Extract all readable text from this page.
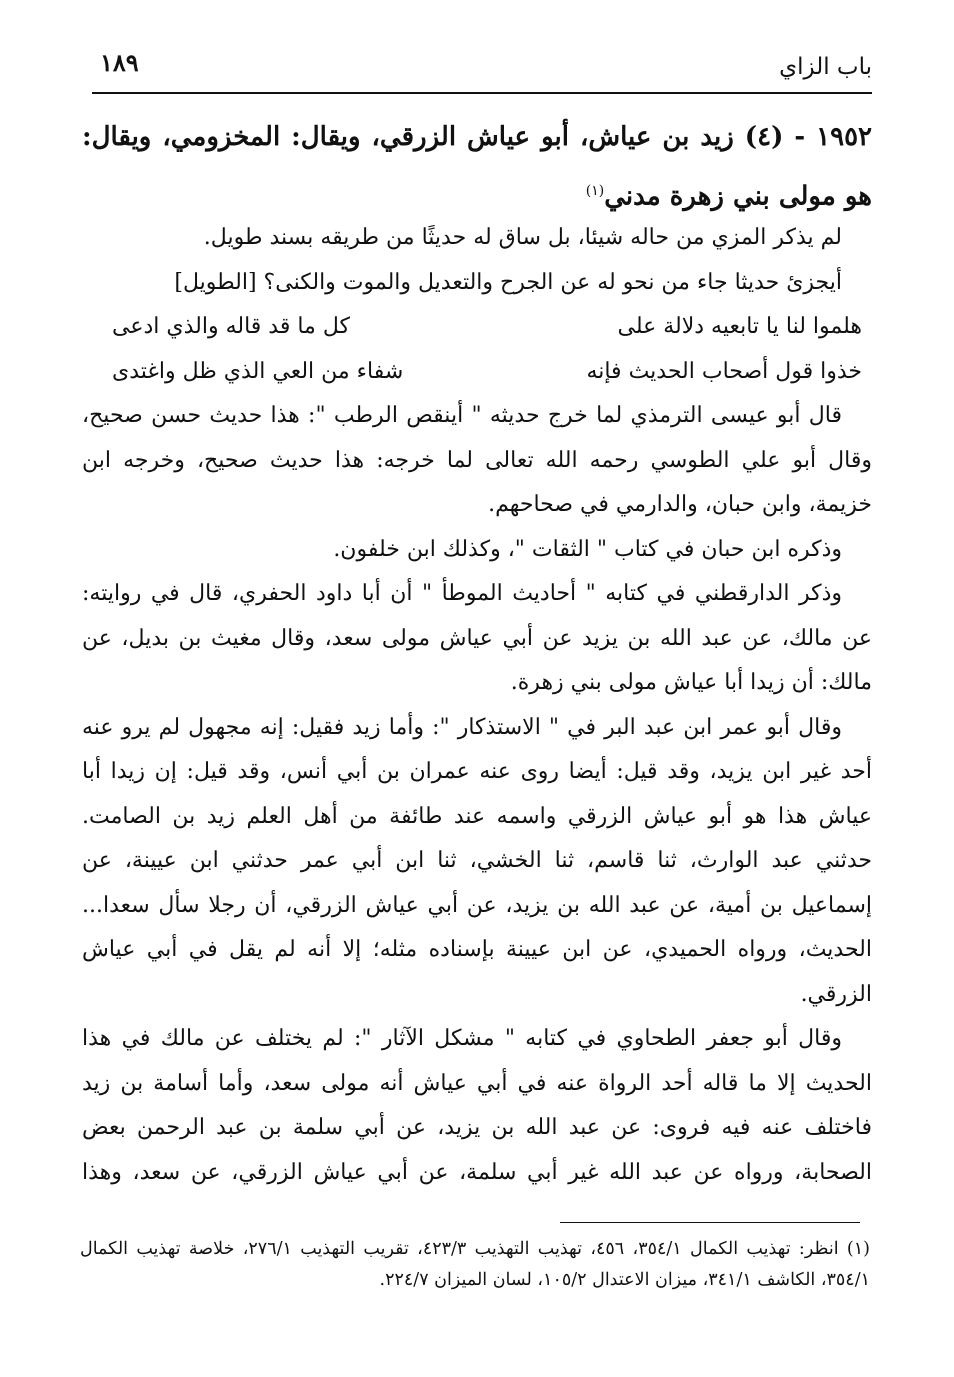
باب الزاي
١٨٩
١٩٥٢ - (٤) زيد بن عياش، أبو عياش الزرقي، ويقال: المخزومي، ويقال: هو مولى بني زهرة مدني$^{(١)}$

لم يذكر المزي من حاله شيئا، بل ساق له حديثًا من طريقه بسند طويل.

أيجزئ حديثا جاء من نحو له عن الجرح والتعديل والموت والكنى؟ [الطويل]

هلموا لنا يا تابعيه دلالة على
كل ما قد قاله والذي ادعى
خذوا قول أصحاب الحديث فإنه
شفاء من العي الذي ظل واغتدى

قال أبو عيسى الترمذي لما خرج حديثه " أينقص الرطب ": هذا حديث حسن صحيح، وقال أبو علي الطوسي رحمه الله تعالى لما خرجه: هذا حديث صحيح، وخرجه ابن خزيمة، وابن حبان، والدارمي في صحاحهم.

وذكره ابن حبان في كتاب " الثقات "، وكذلك ابن خلفون.

وذكر الدارقطني في كتابه " أحاديث الموطأ " أن أبا داود الحفري، قال في روايته: عن مالك، عن عبد الله بن يزيد عن أبي عياش مولى سعد، وقال مغيث بن بديل، عن مالك: أن زيدا أبا عياش مولى بني زهرة.

وقال أبو عمر ابن عبد البر في " الاستذكار ": وأما زيد فقيل: إنه مجهول لم يرو عنه أحد غير ابن يزيد، وقد قيل: أيضا روى عنه عمران بن أبي أنس، وقد قيل: إن زيدا أبا عياش هذا هو أبو عياش الزرقي واسمه عند طائفة من أهل العلم زيد بن الصامت. حدثني عبد الوارث، ثنا قاسم، ثنا الخشي، ثنا ابن أبي عمر حدثني ابن عيينة، عن إسماعيل بن أمية، عن عبد الله بن يزيد، عن أبي عياش الزرقي، أن رجلا سأل سعدا... الحديث، ورواه الحميدي، عن ابن عيينة بإسناده مثله؛ إلا أنه لم يقل في أبي عياش الزرقي.

وقال أبو جعفر الطحاوي في كتابه " مشكل الآثار ": لم يختلف عن مالك في هذا الحديث إلا ما قاله أحد الرواة عنه في أبي عياش أنه مولى سعد، وأما أسامة بن زيد فاختلف عنه فيه فروى: عن عبد الله بن يزيد، عن أبي سلمة بن عبد الرحمن بعض الصحابة، ورواه عن عبد الله غير أبي سلمة، عن أبي عياش الزرقي، عن سعد، وهذا

(١) انظر: تهذيب الكمال ٣٥٤/١، ٤٥٦، تهذيب التهذيب ٤٢٣/٣، تقريب التهذيب ٢٧٦/١، خلاصة تهذيب الكمال ٣٥٤/١، الكاشف ٣٤١/١، ميزان الاعتدال ١٠٥/٢، لسان الميزان ٢٢٤/٧.
